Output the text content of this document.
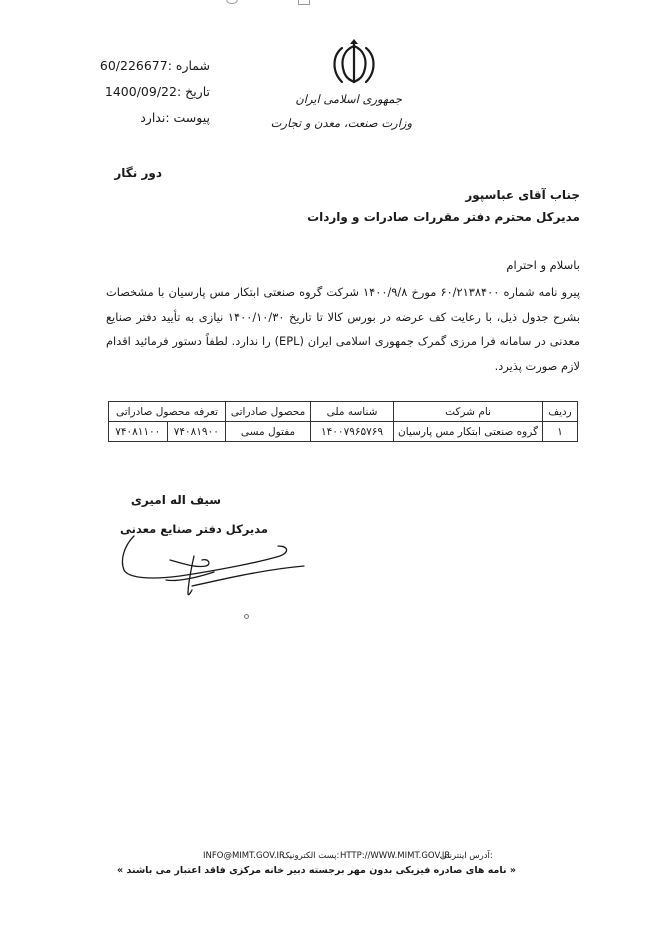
جمهوری اسلامی ایران
وزارت صنعت، معدن و تجارت
شماره :60/226677
تاریخ :1400/09/22
پیوست :ندارد
دور نگار
جناب آقای عباسپور
مدیرکل محترم دفتر مقررات صادرات و واردات
باسلام و احترام
پیرو نامه شماره ۶۰/۲۱۳۸۴۰۰ مورخ ۱۴۰۰/۹/۸ شرکت گروه صنعتی ابتکار مس پارسیان با مشخصات بشرح جدول ذیل، با رعایت کف عرضه در بورس کالا تا تاریخ ۱۴۰۰/۱۰/۳۰ نیازی به تأیید دفتر صنایع معدنی در سامانه فرا مرزی گمرک جمهوری اسلامی ایران (EPL) را ندارد. لطفاً دستور فرمائید اقدام لازم صورت پذیرد.
ردیف	نام شرکت	شناسه ملی	محصول صادراتی	تعرفه محصول صادراتی	
۱	گروه صنعتی ابتکار مس پارسیان	۱۴۰۰۷۹۶۵۷۶۹	مفتول مسی	۷۴۰۸۱۹۰۰	۷۴۰۸۱۱۰۰
سیف اله امیری
مدیرکل دفتر صنایع معدنی
آدرس اینترنتی:
HTTP://WWW.MIMT.GOV.IR
پست الکترونیک:
INFO@MIMT.GOV.IR
« نامه های صادره فیزیکی بدون مهر برجسته دبیر خانه مرکزی فاقد اعتبار می باشند »
